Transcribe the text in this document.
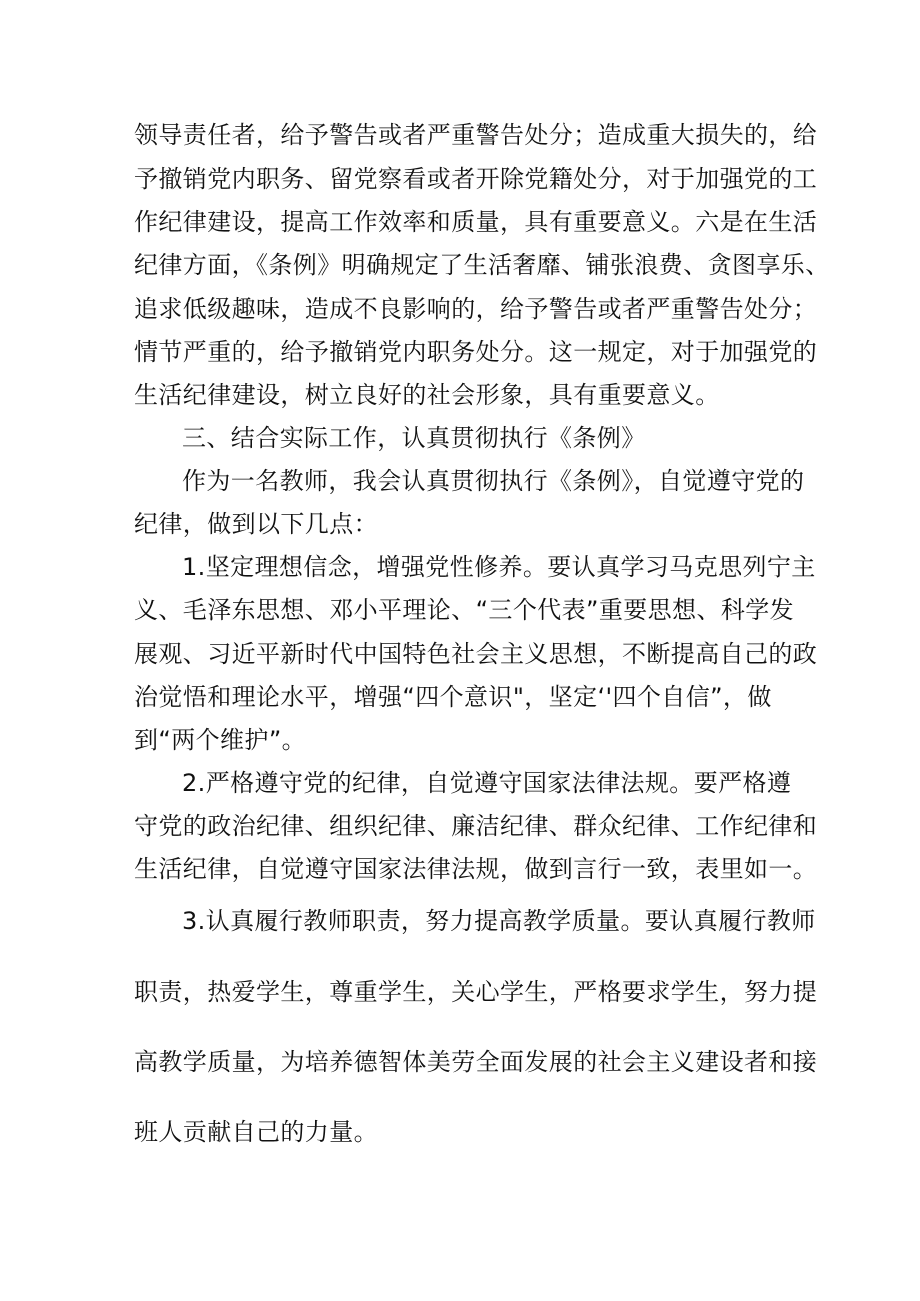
领导责任者，给予警告或者严重警告处分；造成重大损失的，给
予撤销党内职务、留党察看或者开除党籍处分，对于加强党的工
作纪律建设，提高工作效率和质量，具有重要意义。六是在生活
纪律方面，《条例》明确规定了生活奢靡、铺张浪费、贪图享乐、
追求低级趣味，造成不良影响的，给予警告或者严重警告处分；
情节严重的，给予撤销党内职务处分。这一规定，对于加强党的
生活纪律建设，树立良好的社会形象，具有重要意义。
三、结合实际工作，认真贯彻执行《条例》
作为一名教师，我会认真贯彻执行《条例》，自觉遵守党的
纪律，做到以下几点：
1.坚定理想信念，增强党性修养。要认真学习马克思列宁主
义、毛泽东思想、邓小平理论、“三个代表”重要思想、科学发
展观、习近平新时代中国特色社会主义思想，不断提高自己的政
治觉悟和理论水平，增强“四个意识"，坚定‘'四个自信”，做
到“两个维护”。
2.严格遵守党的纪律，自觉遵守国家法律法规。要严格遵
守党的政治纪律、组织纪律、廉洁纪律、群众纪律、工作纪律和
生活纪律，自觉遵守国家法律法规，做到言行一致，表里如一。
3.认真履行教师职责，努力提高教学质量。要认真履行教师
职责，热爱学生，尊重学生，关心学生，严格要求学生，努力提
高教学质量，为培养德智体美劳全面发展的社会主义建设者和接
班人贡献自己的力量。
